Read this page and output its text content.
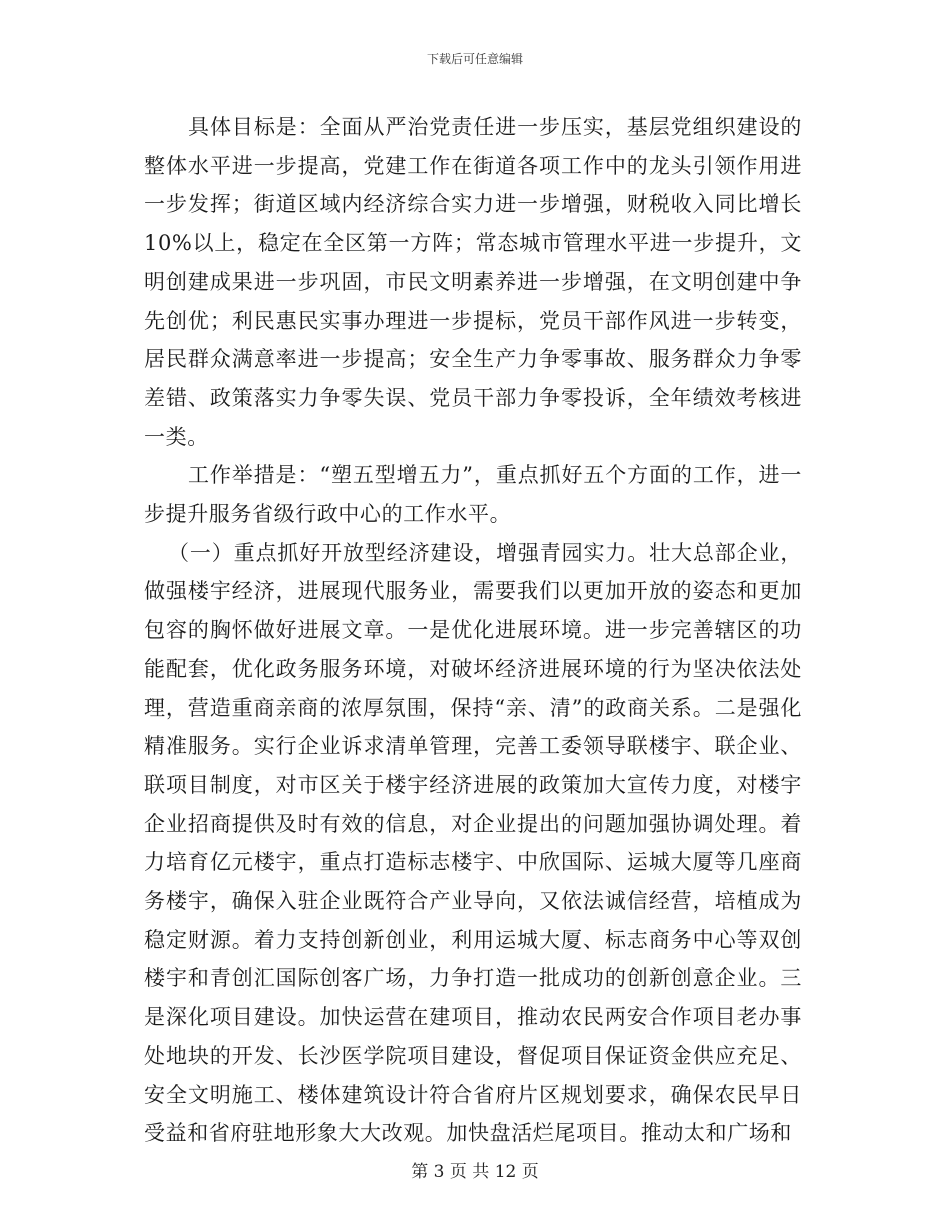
下载后可任意编辑

具体目标是：全面从严治党责任进一步压实，基层党组织建设的整体水平进一步提高，党建工作在街道各项工作中的龙头引领作用进一步发挥；街道区域内经济综合实力进一步增强，财税收入同比增长10%以上，稳定在全区第一方阵；常态城市管理水平进一步提升，文明创建成果进一步巩固，市民文明素养进一步增强，在文明创建中争先创优；利民惠民实事办理进一步提标，党员干部作风进一步转变，居民群众满意率进一步提高；安全生产力争零事故、服务群众力争零差错、政策落实力争零失误、党员干部力争零投诉，全年绩效考核进一类。

工作举措是：“塑五型增五力”，重点抓好五个方面的工作，进一步提升服务省级行政中心的工作水平。

（一）重点抓好开放型经济建设，增强青园实力。壮大总部企业，做强楼宇经济，进展现代服务业，需要我们以更加开放的姿态和更加包容的胸怀做好进展文章。一是优化进展环境。进一步完善辖区的功能配套，优化政务服务环境，对破坏经济进展环境的行为坚决依法处理，营造重商亲商的浓厚氛围，保持“亲、清”的政商关系。二是强化精准服务。实行企业诉求清单管理，完善工委领导联楼宇、联企业、联项目制度，对市区关于楼宇经济进展的政策加大宣传力度，对楼宇企业招商提供及时有效的信息，对企业提出的问题加强协调处理。着力培育亿元楼宇，重点打造标志楼宇、中欣国际、运城大厦等几座商务楼宇，确保入驻企业既符合产业导向，又依法诚信经营，培植成为稳定财源。着力支持创新创业，利用运城大厦、标志商务中心等双创楼宇和青创汇国际创客广场，力争打造一批成功的创新创意企业。三是深化项目建设。加快运营在建项目，推动农民两安合作项目老办事处地块的开发、长沙医学院项目建设，督促项目保证资金供应充足、安全文明施工、楼体建筑设计符合省府片区规划要求，确保农民早日受益和省府驻地形象大大改观。加快盘活烂尾项目。推动太和广场和

第 3 页 共 12 页
